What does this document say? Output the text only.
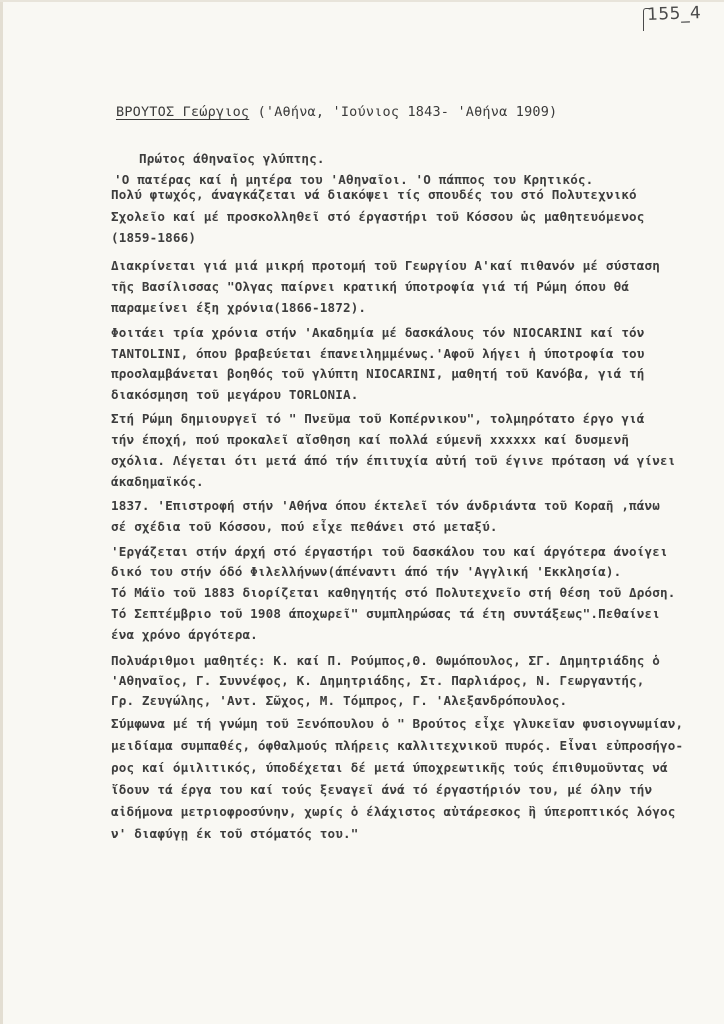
155_4
ΒΡΟΥΤΟΣ Γεώργιος ('Αθήνα, 'Ιούνιος 1843- 'Αθήνα 1909)
Πρώτος άθηναῖος γλύπτης.
'Ο πατέρας καί ἡ μητέρα του 'Αθηναῖοι. 'Ο πάππος του Κρητικός.
Πολύ φτωχός, άναγκάζεται νά διακόψει τίς σπουδές του στό Πολυτεχνικό
Σχολεῖο καί μέ προσκολληθεῖ στό έργαστήρι τοῦ Κόσσου ὡς μαθητευόμενος
(1859-1866)
Διακρίνεται γιά μιά μικρή προτομή τοῦ Γεωργίου Α'καί πιθανόν μέ σύσταση
τῆς Βασίλισσας "Ολγας παίρνει κρατική ύποτροφία γιά τή Ρώμη όπου θά
παραμείνει έξη χρόνια(1866-1872).
Φοιτάει τρία χρόνια στήν 'Ακαδημία μέ δασκάλους τόν NIOCARINI καί τόν
TANTOLINI, όπου βραβεύεται έπανειλημμένως.'Αφοῦ λήγει ἡ ύποτροφία του
προσλαμβάνεται βοηθός τοῦ γλύπτη NIOCARINI, μαθητή τοῦ Κανόβα, γιά τή
διακόσμηση τοῦ μεγάρου TORLONIA.
Στή Ρώμη δημιουργεῖ τό " Πνεῦμα τοῦ Κοπέρνικου", τολμηρότατο έργο γιά
τήν έποχή, πού προκαλεῖ αἴσθηση καί πολλά εύμενῆ xxxxxx καί δυσμενῆ
σχόλια. Λέγεται ότι μετά άπό τήν έπιτυχία αὐτή τοῦ έγινε πρόταση νά γίνει
άκαδημαϊκός.
1837. 'Επιστροφή στήν 'Αθήνα όπου έκτελεῖ τόν άνδριάντα τοῦ Κοραῆ ,πάνω
σέ σχέδια τοῦ Κόσσου, πού εἶχε πεθάνει στό μεταξύ.
'Εργάζεται στήν άρχή στό έργαστήρι τοῦ δασκάλου του καί άργότερα άνοίγει
δικό του στήν όδό Φιλελλήνων(άπέναντι άπό τήν 'Αγγλική 'Εκκλησία).
Τό Μάϊο τοῦ 1883 διορίζεται καθηγητής στό Πολυτεχνεῖο στή θέση τοῦ Δρόση.
Τό Σεπτέμβριο τοῦ 1908 άποχωρεῖ" συμπληρώσας τά έτη συντάξεως".Πεθαίνει
ένα χρόνο άργότερα.
Πολυάριθμοι μαθητές: Κ. καί Π. Ρούμπος,Θ. Θωμόπουλος, ΣΓ. Δημητριάδης ὁ
'Αθηναῖος, Γ. Συννέφος, Κ. Δημητριάδης, Στ. Παρλιάρος, Ν. Γεωργαντής,
Γρ. Ζευγώλης, 'Αντ. Σῶχος, Μ. Τόμπρος, Γ. 'Αλεξανδρόπουλος.
Σύμφωνα μέ τή γνώμη τοῦ Ξενόπουλου ὁ " Βρούτος εἶχε γλυκεῖαν φυσιογνωμίαν,
μειδίαμα συμπαθές, όφθαλμούς πλήρεις καλλιτεχνικοῦ πυρός. Εἶναι εὐπροσήγο-
ρος καί όμιλιτικός, ύποδέχεται δέ μετά ύποχρεωτικῆς τούς έπιθυμοῦντας νά
ἴδουν τά έργα του καί τούς ξεναγεῖ άνά τό έργαστήριόν του, μέ όλην τήν
αἰδήμονα μετριοφροσύνην, χωρίς ὁ έλάχιστος αὐτάρεσκος ἢ ύπεροπτικός λόγος
ν' διαφύγῃ έκ τοῦ στόματός του."
